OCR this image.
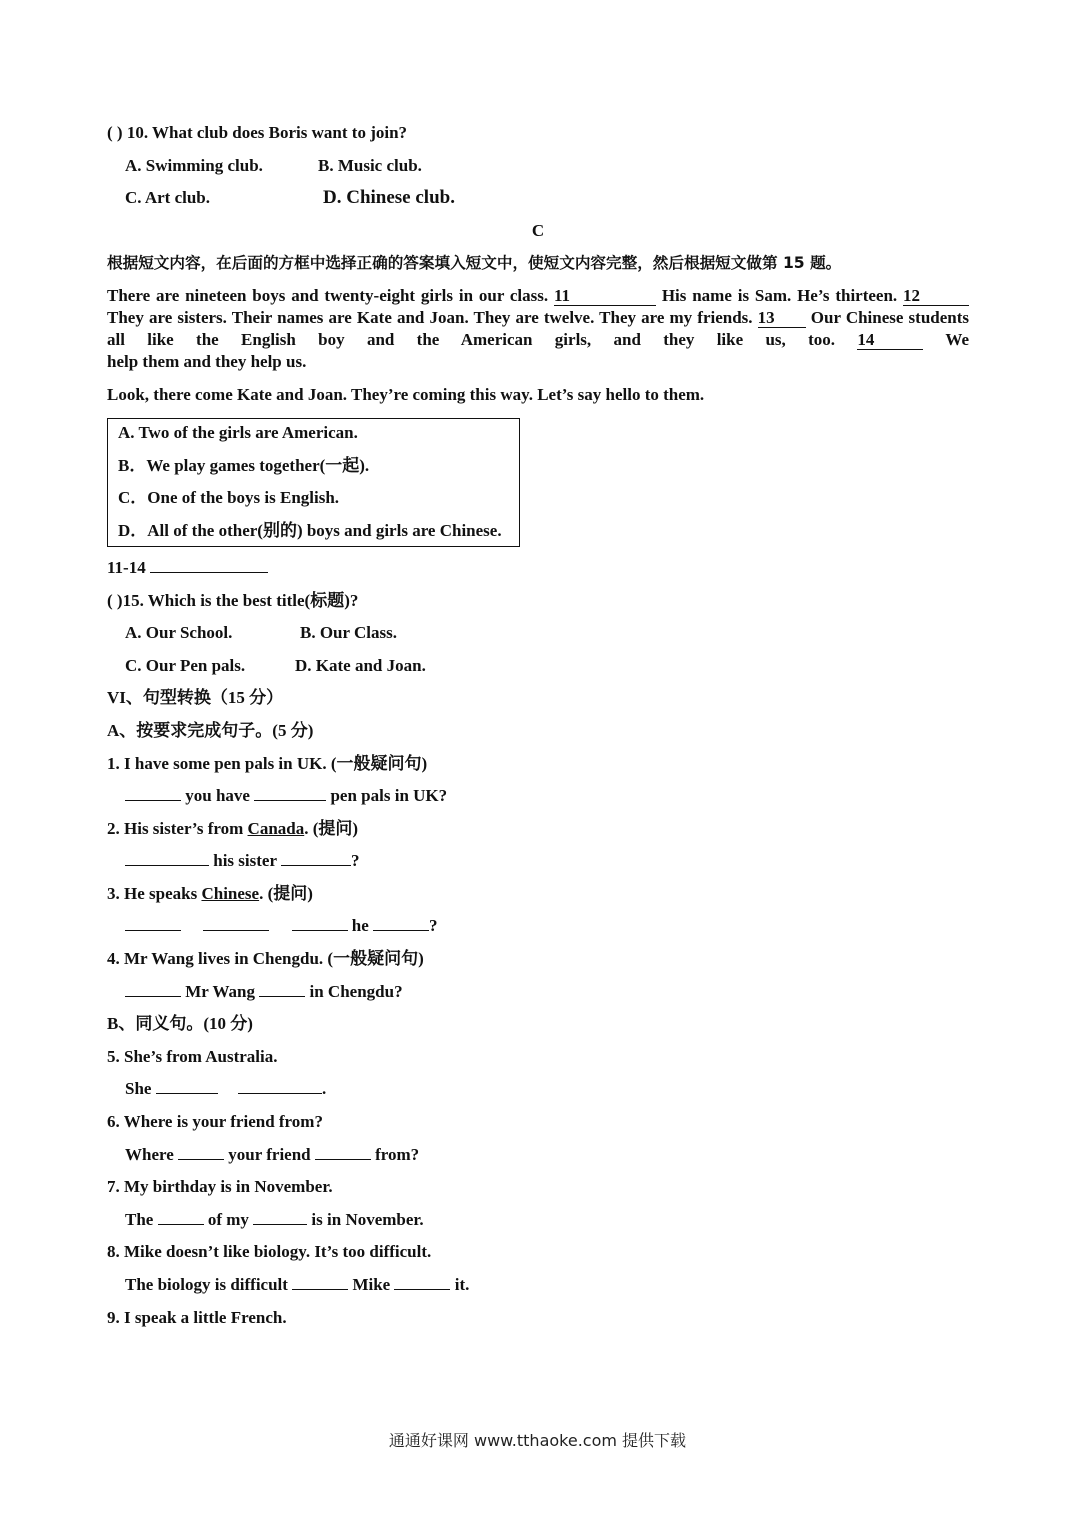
( ) 10. What club does Boris want to join?
A. Swimming club.	B. Music club.
C. Art club.	D. Chinese club.
C
根据短文内容，在后面的方框中选择正确的答案填入短文中，使短文内容完整，然后根据短文做第 15 题。
There are nineteen boys and twenty-eight girls in our class. 11	His name is Sam. He’s thirteen. 12 They are sisters. Their names are Kate and Joan. They are twelve. They are my friends. 13 Our Chinese students all like the English boy and the American girls, and they like us, too. 14	We
help them and they help us.
Look, there come Kate and Joan. They’re coming this way. Let’s say hello to them.
A. Two of the girls are American.
B．We play games together(一起).
C．One of the boys is English.
D．All of the other(别的) boys and girls are Chinese.
11-14
( )15. Which is the best title(标题)?
A. Our School.	B. Our Class.
C. Our Pen pals.	D. Kate and Joan.
VI、句型转换（15 分）
A、按要求完成句子。(5 分)
1. I have some pen pals in UK. (一般疑问句)
you have	pen pals in UK?
2. His sister’s from Canada. (提问)
his sister	?
3. He speaks Chinese. (提问)
he	?
4. Mr Wang lives in Chengdu. (一般疑问句)
Mr Wang	in Chengdu?
B、同义句。(10 分)
5. She’s from Australia.
She	.
6. Where is your friend from?
Where	your friend	from?
7. My birthday is in November.
The	of my	is in November.
8. Mike doesn’t like biology. It’s too difficult.
The biology is difficult	Mike	it.
9. I speak a little French.
通通好课网 www.tthaoke.com 提供下载
